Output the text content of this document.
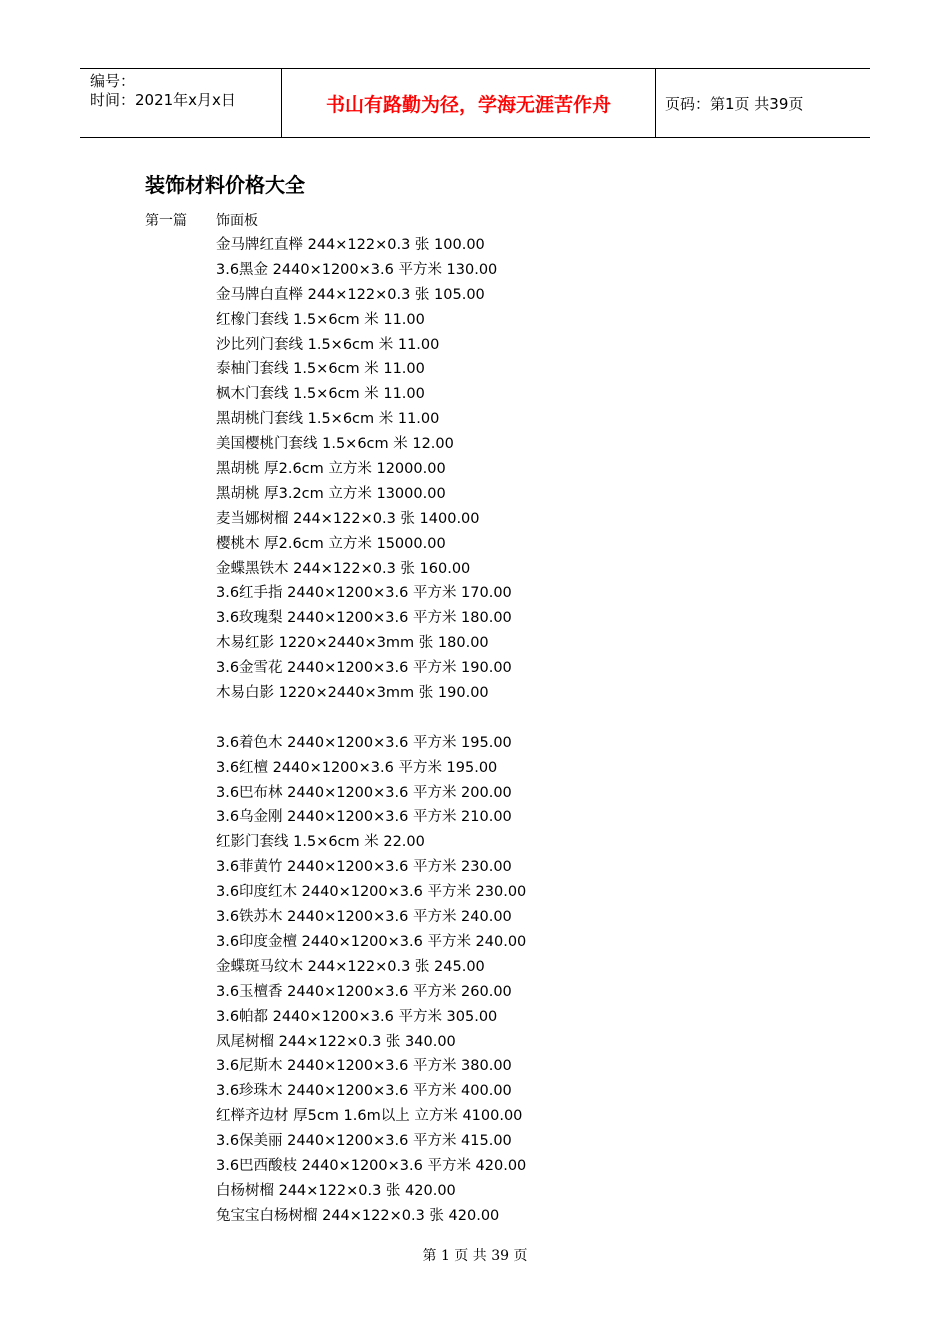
编号：
时间：2021年x月x日	书山有路勤为径，学海无涯苦作舟	页码：第1页 共39页
装饰材料价格大全
第一篇 饰面板
金马牌红直榉 244×122×0.3 张 100.00
3.6黑金 2440×1200×3.6 平方米 130.00
金马牌白直榉 244×122×0.3 张 105.00
红橡门套线 1.5×6cm 米 11.00
沙比列门套线 1.5×6cm 米 11.00
泰柚门套线 1.5×6cm 米 11.00
枫木门套线 1.5×6cm 米 11.00
黑胡桃门套线 1.5×6cm 米 11.00
美国樱桃门套线 1.5×6cm 米 12.00
黑胡桃 厚2.6cm 立方米 12000.00
黑胡桃 厚3.2cm 立方米 13000.00
麦当娜树榴 244×122×0.3 张 1400.00
樱桃木 厚2.6cm 立方米 15000.00
金蝶黑铁木 244×122×0.3 张 160.00
3.6红手指 2440×1200×3.6 平方米 170.00
3.6玫瑰梨 2440×1200×3.6 平方米 180.00
木易红影 1220×2440×3mm 张 180.00
3.6金雪花 2440×1200×3.6 平方米 190.00
木易白影 1220×2440×3mm 张 190.00
3.6着色木 2440×1200×3.6 平方米 195.00
3.6红檀 2440×1200×3.6 平方米 195.00
3.6巴布林 2440×1200×3.6 平方米 200.00
3.6乌金刚 2440×1200×3.6 平方米 210.00
红影门套线 1.5×6cm 米 22.00
3.6菲黄竹 2440×1200×3.6 平方米 230.00
3.6印度红木 2440×1200×3.6 平方米 230.00
3.6铁苏木 2440×1200×3.6 平方米 240.00
3.6印度金檀 2440×1200×3.6 平方米 240.00
金蝶斑马纹木 244×122×0.3 张 245.00
3.6玉檀香 2440×1200×3.6 平方米 260.00
3.6帕都 2440×1200×3.6 平方米 305.00
凤尾树榴 244×122×0.3 张 340.00
3.6尼斯木 2440×1200×3.6 平方米 380.00
3.6珍珠木 2440×1200×3.6 平方米 400.00
红榉齐边材 厚5cm 1.6m以上 立方米 4100.00
3.6保美丽 2440×1200×3.6 平方米 415.00
3.6巴西酸枝 2440×1200×3.6 平方米 420.00
白杨树榴 244×122×0.3 张 420.00
兔宝宝白杨树榴 244×122×0.3 张 420.00
第 1 页 共 39 页
